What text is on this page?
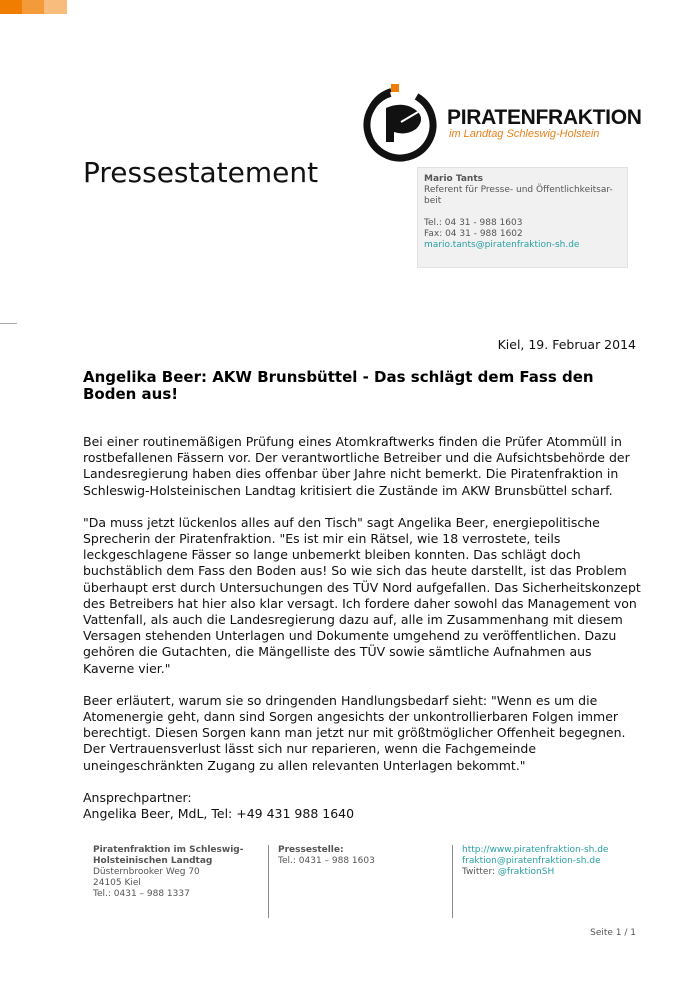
PIRATENFRAKTION
im Landtag Schleswig-Holstein
Pressestatement	Mario Tants
Referent für Presse- und Öffentlichkeitsar-beit
Tel.: 04 31 - 988 1603
Fax: 04 31 - 988 1602
mario.tants@piratenfraktion-sh.de
Kiel, 19. Februar 2014
Angelika Beer: AKW Brunsbüttel - Das schlägt dem Fass den Boden aus!

Bei einer routinemäßigen Prüfung eines Atomkraftwerks finden die Prüfer Atommüll in rostbefallenen Fässern vor. Der verantwortliche Betreiber und die Aufsichtsbehörde der Landesregierung haben dies offenbar über Jahre nicht bemerkt. Die Piratenfraktion in Schleswig-Holsteinischen Landtag kritisiert die Zustände im AKW Brunsbüttel scharf.

"Da muss jetzt lückenlos alles auf den Tisch" sagt Angelika Beer, energiepolitische Sprecherin der Piratenfraktion. "Es ist mir ein Rätsel, wie 18 verrostete, teils leckgeschlagene Fässer so lange unbemerkt bleiben konnten. Das schlägt doch buchstäblich dem Fass den Boden aus! So wie sich das heute darstellt, ist das Problem überhaupt erst durch Untersuchungen des TÜV Nord aufgefallen. Das Sicherheitskonzept des Betreibers hat hier also klar versagt. Ich fordere daher sowohl das Management von Vattenfall, als auch die Landesregierung dazu auf, alle im Zusammenhang mit diesem Versagen stehenden Unterlagen und Dokumente umgehend zu veröffentlichen. Dazu gehören die Gutachten, die Mängelliste des TÜV sowie sämtliche Aufnahmen aus Kaverne vier."

Beer erläutert, warum sie so dringenden Handlungsbedarf sieht: "Wenn es um die Atomenergie geht, dann sind Sorgen angesichts der unkontrollierbaren Folgen immer berechtigt. Diesen Sorgen kann man jetzt nur mit größtmöglicher Offenheit begegnen. Der Vertrauensverlust lässt sich nur reparieren, wenn die Fachgemeinde uneingeschränkten Zugang zu allen relevanten Unterlagen bekommt."

Ansprechpartner:
Angelika Beer, MdL, Tel: +49 431 988 1640

Piratenfraktion im Schleswig-Holsteinischen Landtag
Düsternbrooker Weg 70
24105 Kiel
Tel.: 0431 – 988 1337
Pressestelle:
Tel.: 0431 – 988 1603
http://www.piratenfraktion-sh.de
fraktion@piratenfraktion-sh.de
Twitter: @fraktionSH
Seite 1 / 1
